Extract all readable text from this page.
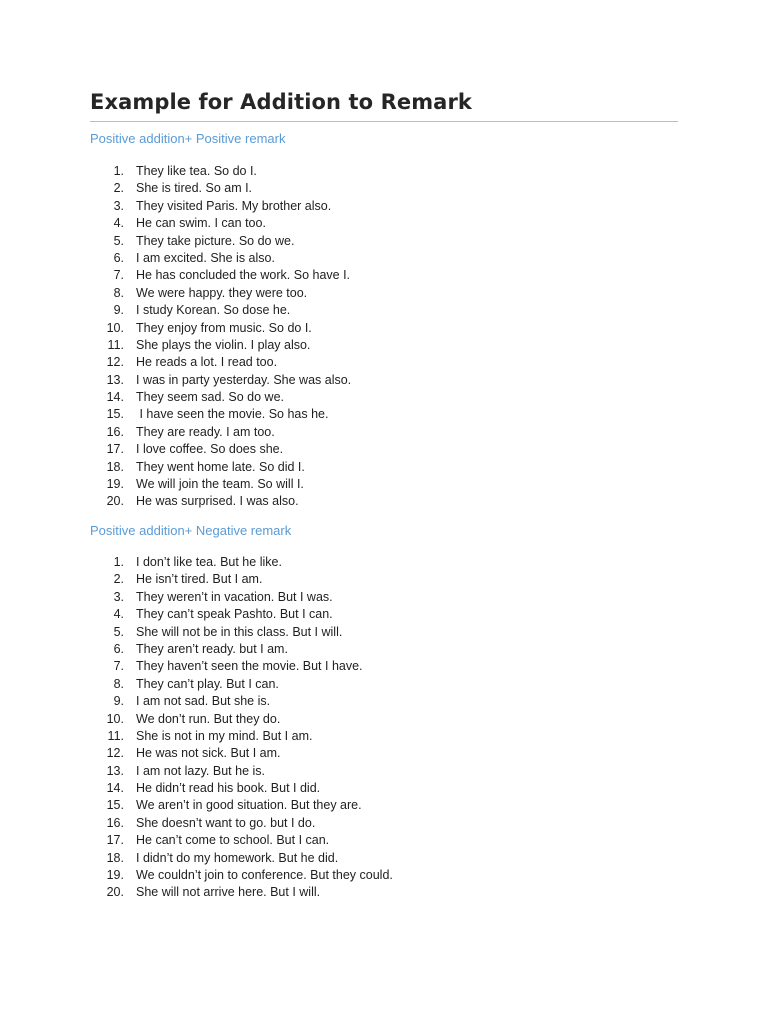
Example for Addition to Remark
Positive addition+ Positive remark
1. They like tea. So do I.
2. She is tired. So am I.
3. They visited Paris. My brother also.
4. He can swim. I can too.
5. They take picture. So do we.
6. I am excited. She is also.
7. He has concluded the work. So have I.
8. We were happy. they were too.
9. I study Korean. So dose he.
10. They enjoy from music. So do I.
11. She plays the violin. I play also.
12. He reads a lot. I read too.
13. I was in party yesterday. She was also.
14. They seem sad. So do we.
15. I have seen the movie. So has he.
16. They are ready. I am too.
17. I love coffee. So does she.
18. They went home late. So did I.
19. We will join the team. So will I.
20. He was surprised. I was also.
Positive addition+ Negative remark
1. I don’t like tea. But he like.
2. He isn’t tired. But I am.
3. They weren’t in vacation. But I was.
4. They can’t speak Pashto. But I can.
5. She will not be in this class. But I will.
6. They aren’t ready. but I am.
7. They haven’t seen the movie. But I have.
8. They can’t play. But I can.
9. I am not sad. But she is.
10. We don’t run. But they do.
11. She is not in my mind. But I am.
12. He was not sick. But I am.
13. I am not lazy. But he is.
14. He didn’t read his book. But I did.
15. We aren’t in good situation. But they are.
16. She doesn’t want to go. but I do.
17. He can’t come to school. But I can.
18. I didn’t do my homework. But he did.
19. We couldn’t join to conference. But they could.
20. She will not arrive here. But I will.
